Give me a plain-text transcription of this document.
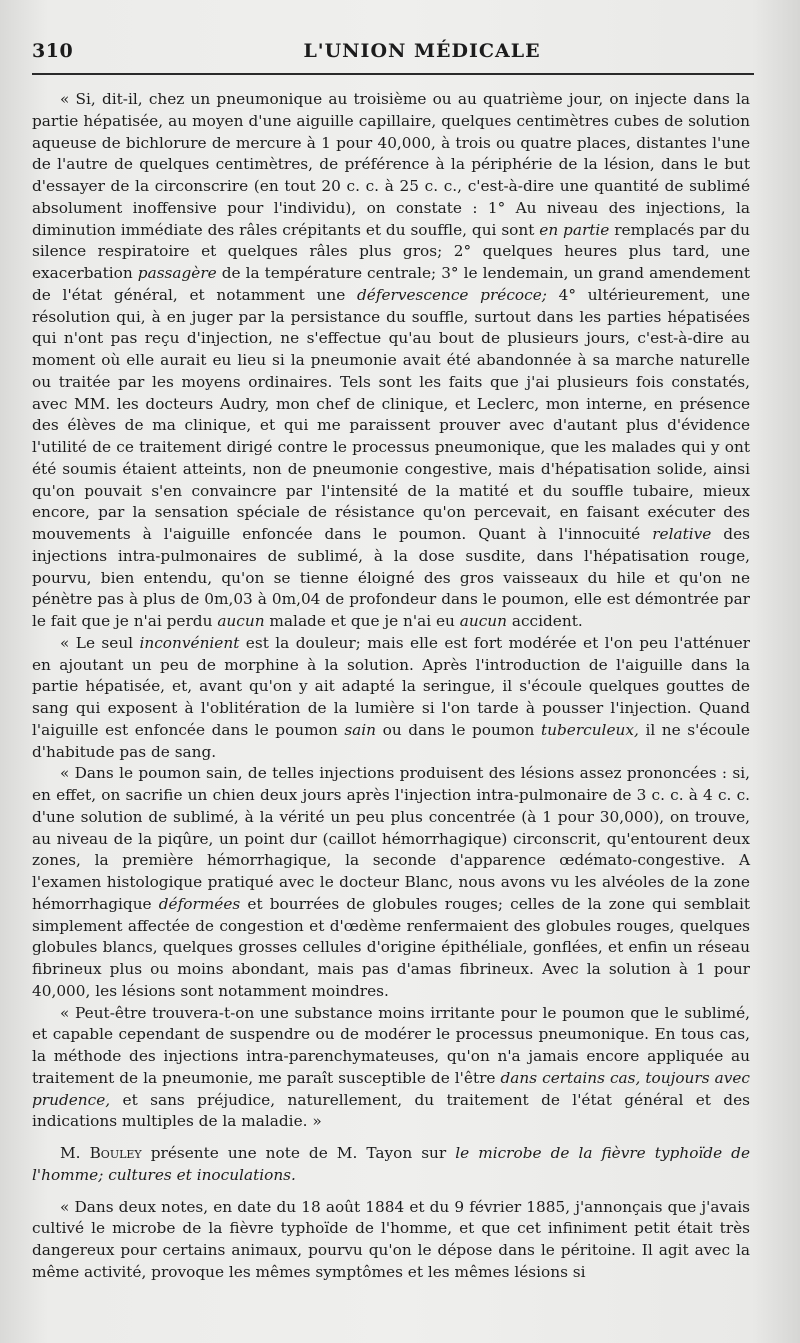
310	L'UNION MÉDICALE

« Si, dit-il, chez un pneumonique au troisième ou au quatrième jour, on injecte dans la partie hépatisée, au moyen d'une aiguille capillaire, quelques centimètres cubes de solution aqueuse de bichlorure de mercure à 1 pour 40,000, à trois ou quatre places, distantes l'une de l'autre de quelques centimètres, de préférence à la périphérie de la lésion, dans le but d'essayer de la circonscrire (en tout 20 c. c. à 25 c. c., c'est-à-dire une quantité de sublimé absolument inoffensive pour l'individu), on constate : 1° Au niveau des injections, la diminution immédiate des râles crépitants et du souffle, qui sont en partie remplacés par du silence respiratoire et quelques râles plus gros; 2° quelques heures plus tard, une exacerbation passagère de la température centrale; 3° le lendemain, un grand amendement de l'état général, et notamment une défervescence précoce; 4° ultérieurement, une résolution qui, à en juger par la persistance du souffle, surtout dans les parties hépatisées qui n'ont pas reçu d'injection, ne s'effectue qu'au bout de plusieurs jours, c'est-à-dire au moment où elle aurait eu lieu si la pneumonie avait été abandonnée à sa marche naturelle ou traitée par les moyens ordinaires. Tels sont les faits que j'ai plusieurs fois constatés, avec MM. les docteurs Audry, mon chef de clinique, et Leclerc, mon interne, en présence des élèves de ma clinique, et qui me paraissent prouver avec d'autant plus d'évidence l'utilité de ce traitement dirigé contre le processus pneumonique, que les malades qui y ont été soumis étaient atteints, non de pneumonie congestive, mais d'hépatisation solide, ainsi qu'on pouvait s'en convaincre par l'intensité de la matité et du souffle tubaire, mieux encore, par la sensation spéciale de résistance qu'on percevait, en faisant exécuter des mouvements à l'aiguille enfoncée dans le poumon. Quant à l'innocuité relative des injections intra-pulmonaires de sublimé, à la dose susdite, dans l'hépatisation rouge, pourvu, bien entendu, qu'on se tienne éloigné des gros vaisseaux du hile et qu'on ne pénètre pas à plus de 0m,03 à 0m,04 de profondeur dans le poumon, elle est démontrée par le fait que je n'ai perdu aucun malade et que je n'ai eu aucun accident.

« Le seul inconvénient est la douleur; mais elle est fort modérée et l'on peu l'atténuer en ajoutant un peu de morphine à la solution. Après l'introduction de l'aiguille dans la partie hépatisée, et, avant qu'on y ait adapté la seringue, il s'écoule quelques gouttes de sang qui exposent à l'oblitération de la lumière si l'on tarde à pousser l'injection. Quand l'aiguille est enfoncée dans le poumon sain ou dans le poumon tuberculeux, il ne s'écoule d'habitude pas de sang.

« Dans le poumon sain, de telles injections produisent des lésions assez prononcées : si, en effet, on sacrifie un chien deux jours après l'injection intra-pulmonaire de 3 c. c. à 4 c. c. d'une solution de sublimé, à la vérité un peu plus concentrée (à 1 pour 30,000), on trouve, au niveau de la piqûre, un point dur (caillot hémorrhagique) circonscrit, qu'entourent deux zones, la première hémorrhagique, la seconde d'apparence œdémato-congestive. A l'examen histologique pratiqué avec le docteur Blanc, nous avons vu les alvéoles de la zone hémorrhagique déformées et bourrées de globules rouges; celles de la zone qui semblait simplement affectée de congestion et d'œdème renfermaient des globules rouges, quelques globules blancs, quelques grosses cellules d'origine épithéliale, gonflées, et enfin un réseau fibrineux plus ou moins abondant, mais pas d'amas fibrineux. Avec la solution à 1 pour 40,000, les lésions sont notamment moindres.

« Peut-être trouvera-t-on une substance moins irritante pour le poumon que le sublimé, et capable cependant de suspendre ou de modérer le processus pneumonique. En tous cas, la méthode des injections intra-parenchymateuses, qu'on n'a jamais encore appliquée au traitement de la pneumonie, me paraît susceptible de l'être dans certains cas, toujours avec prudence, et sans préjudice, naturellement, du traitement de l'état général et des indications multiples de la maladie. »

M. Bouley présente une note de M. Tayon sur le microbe de la fièvre typhoïde de l'homme; cultures et inoculations.

« Dans deux notes, en date du 18 août 1884 et du 9 février 1885, j'annonçais que j'avais cultivé le microbe de la fièvre typhoïde de l'homme, et que cet infiniment petit était très dangereux pour certains animaux, pourvu qu'on le dépose dans le péritoine. Il agit avec la même activité, provoque les mêmes symptômes et les mêmes lésions si
